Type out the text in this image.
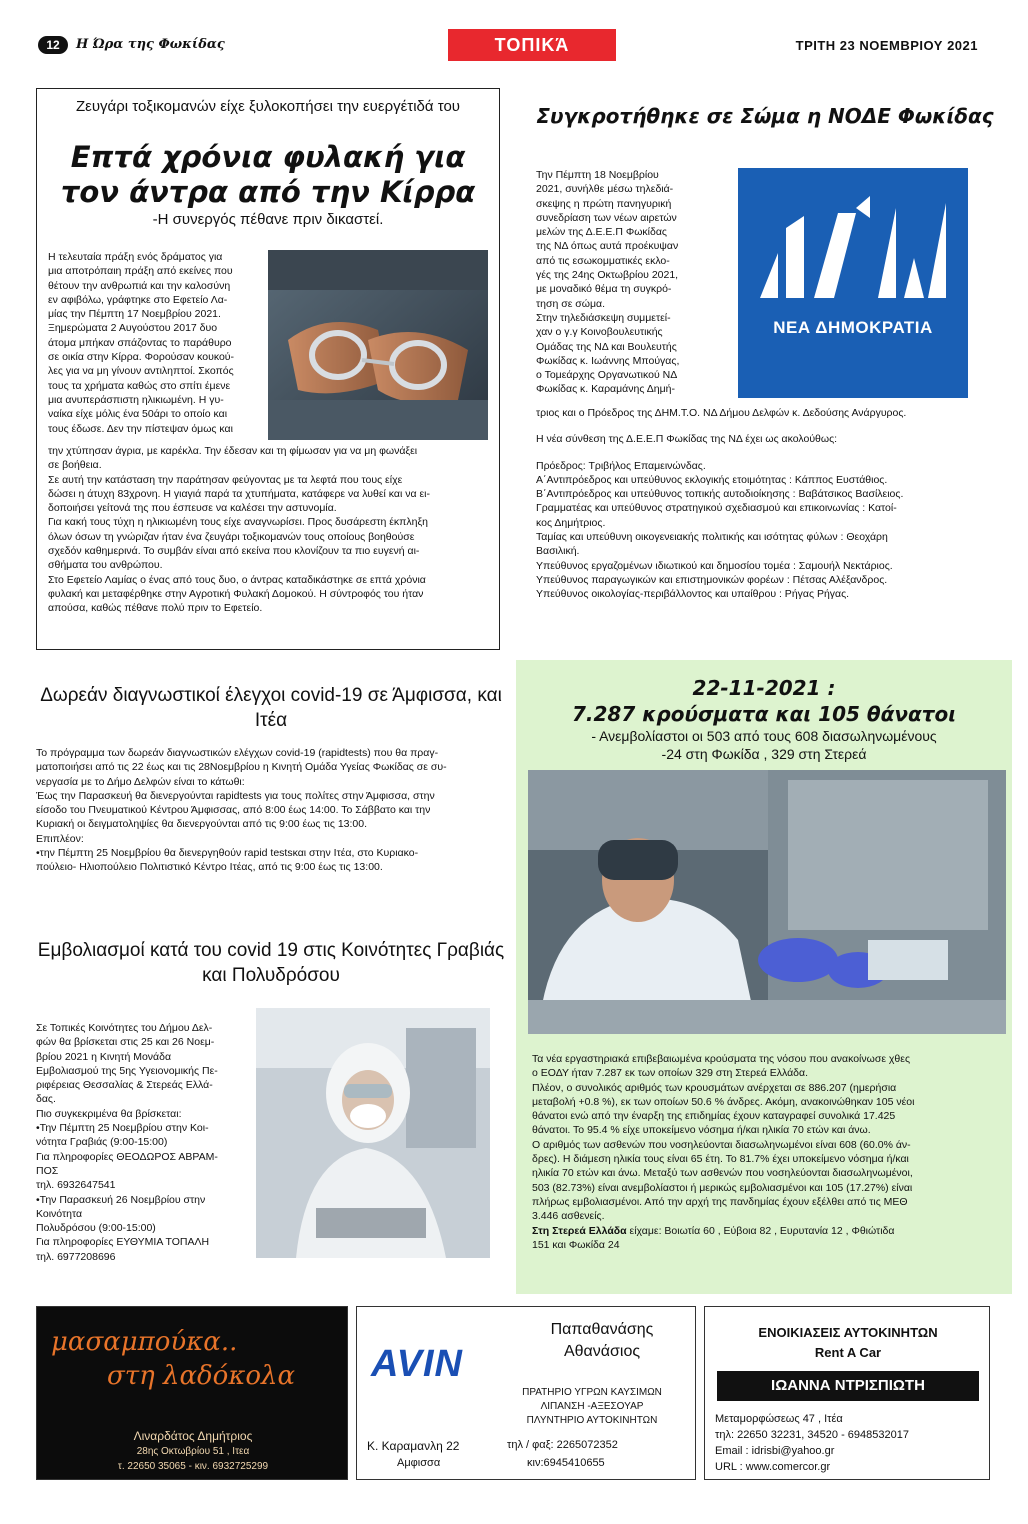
12	Η Ώρα της Φωκίδας	ΤΟΠΙΚΆ	ΤΡΙΤΗ 23 ΝΟΕΜΒΡΙΟΥ 2021
Ζευγάρι τοξικομανών είχε ξυλοκοπήσει την ευεργέτιδά του
Επτά χρόνια φυλακή για τον άντρα από την Κίρρα
-Η συνεργός πέθανε πριν δικαστεί.

Η τελευταία πράξη ενός δράματος για

μια αποτρόπαιη πράξη από εκείνες που

θέτουν την ανθρωπιά και την καλοσύνη

εν αφιβόλω, γράφτηκε στο Εφετείο Λα-

μίας την Πέμπτη 17 Νοεμβρίου 2021.

Ξημερώματα 2 Αυγούστου 2017 δυο

άτομα μπήκαν σπάζοντας το παράθυρο

σε οικία στην Κίρρα. Φορούσαν κουκού-

λες για να μη γίνουν αντιληπτοί. Σκοπός

τους τα χρήματα καθώς στο σπίτι έμενε

μια ανυπεράσπιστη ηλικιωμένη. Η γυ-

ναίκα είχε μόλις ένα 50άρι το οποίο και

τους έδωσε. Δεν την πίστεψαν όμως και

την χτύπησαν άγρια, με καρέκλα. Την έδεσαν και τη φίμωσαν για να μη φωνάξει

σε βοήθεια.

Σε αυτή την κατάσταση την παράτησαν φεύγοντας με τα λεφτά που τους είχε

δώσει η άτυχη 83χρονη. Η γιαγιά παρά τα χτυπήματα, κατάφερε να λυθεί και να ει-

δοποιήσει γείτονά της που έσπευσε να καλέσει την αστυνομία.

Για κακή τους τύχη η ηλικιωμένη τους είχε αναγνωρίσει. Προς δυσάρεστη έκπληξη

όλων όσων τη γνώριζαν ήταν ένα ζευγάρι τοξικομανών τους οποίους βοηθούσε

σχεδόν καθημερινά. Το συμβάν είναι από εκείνα που κλονίζουν τα πιο ευγενή αι-

σθήματα του ανθρώπου.

Στο Εφετείο Λαμίας ο ένας από τους δυο, ο άντρας καταδικάστηκε σε επτά χρόνια

φυλακή και μεταφέρθηκε στην Αγροτική Φυλακή Δομοκού. Η σύντροφός του ήταν

απούσα, καθώς πέθανε πολύ πριν το Εφετείο.

Συγκροτήθηκε σε Σώμα η ΝΟΔΕ Φωκίδας

Την Πέμπτη 18 Νοεμβρίου

2021, συνήλθε μέσω τηλεδιά-

σκεψης η πρώτη πανηγυρική

συνεδρίαση των νέων αιρετών

μελών της Δ.Ε.Ε.Π Φωκίδας

της ΝΔ όπως αυτά προέκυψαν

από τις εσωκομματικές εκλο-

γές της 24ης Οκτωβρίου 2021,

με μοναδικό θέμα τη συγκρό-

τηση σε σώμα.

Στην τηλεδιάσκεψη συμμετεί-

χαν ο γ.γ Κοινοβουλευτικής

Ομάδας της ΝΔ και Βουλευτής

Φωκίδας κ. Ιωάννης Μπούγας,

ο Τομεάρχης Οργανωτικού ΝΔ

Φωκίδας κ. Καραμάνης Δημή-

ΝΕΑ ΔΗΜΟΚΡΑΤΙΑ

τριος και ο Πρόεδρος της ΔΗΜ.Τ.Ο. ΝΔ Δήμου Δελφών κ. Δεδούσης Ανάργυρος.

Η νέα σύνθεση της Δ.Ε.Ε.Π Φωκίδας της ΝΔ έχει ως ακολούθως:

Πρόεδρος: Τριβήλος Επαμεινώνδας.

Α΄Αντιπρόεδρος και υπεύθυνος εκλογικής ετοιμότητας : Κάππος Ευστάθιος.

Β΄Αντιπρόεδρος και υπεύθυνος τοπικής αυτοδιοίκησης : Βαβάτσικος Βασίλειος.

Γραμματέας και υπεύθυνος στρατηγικού σχεδιασμού και επικοινωνίας : Κατοί-

κος Δημήτριος.

Ταμίας και υπεύθυνη οικογενειακής πολιτικής και ισότητας φύλων : Θεοχάρη

Βασιλική.

Υπεύθυνος εργαζομένων ιδιωτικού και δημοσίου τομέα : Σαμουήλ Νεκτάριος.

Υπεύθυνος παραγωγικών και επιστημονικών φορέων : Πέτσας Αλέξανδρος.

Υπεύθυνος οικολογίας-περιβάλλοντος και υπαίθρου : Ρήγας Ρήγας.

Δωρεάν διαγνωστικοί έλεγχοι covid-19 σε Άμφισσα, και Ιτέα

Το πρόγραμμα των δωρεάν διαγνωστικών ελέγχων covid-19 (rapidtests) που θα πραγ-

ματοποιήσει από τις 22 έως και τις 28Νοεμβρίου η Κινητή Ομάδα Υγείας Φωκίδας σε συ-

νεργασία με το Δήμο Δελφών είναι το κάτωθι:

Έως την Παρασκευή θα διενεργούνται rapidtests για τους πολίτες στην Άμφισσα, στην

είσοδο του Πνευματικού Κέντρου Άμφισσας, από 8:00 έως 14:00. Το Σάββατο και την

Κυριακή οι δειγματοληψίες θα διενεργούνται από τις 9:00 έως τις 13:00.

Επιπλέον:

•την Πέμπτη 25 Νοεμβρίου θα διενεργηθούν rapid testsκαι στην Ιτέα, στο Κυριακο-

πούλειο- Ηλιοπούλειο Πολιτιστικό Κέντρο Ιτέας, από τις 9:00 έως τις 13:00.

Εμβολιασμοί κατά του covid 19 στις Κοινότητες Γραβιάς και Πολυδρόσου

Σε Τοπικές Κοινότητες του Δήμου Δελ-

φών θα βρίσκεται στις 25 και 26 Νοεμ-

βρίου 2021 η Κινητή Μονάδα

Εμβολιασμού της 5ης Υγειονομικής Πε-

ριφέρειας Θεσσαλίας & Στερεάς Ελλά-

δας.

Πιο συγκεκριμένα θα βρίσκεται:

•Την Πέμπτη 25 Νοεμβρίου στην Κοι-

νότητα Γραβιάς (9:00-15:00)

Για πληροφορίες ΘΕΟΔΩΡΟΣ ΑΒΡΑΜ-

ΠΟΣ

τηλ. 6932647541

•Την Παρασκευή 26 Νοεμβρίου στην

Κοινότητα

Πολυδρόσου (9:00-15:00)

Για πληροφορίες ΕΥΘΥΜΙΑ ΤΟΠΑΛΗ

τηλ. 6977208696

22-11-2021 :
7.287 κρούσματα και 105 θάνατοι
- Ανεμβολίαστοι οι 503 από τους 608 διασωληνωμένους
-24 στη Φωκίδα , 329 στη Στερεά

Τα νέα εργαστηριακά επιβεβαιωμένα κρούσματα της νόσου που ανακοίνωσε χθες

ο ΕΟΔΥ ήταν 7.287 εκ των οποίων 329 στη Στερεά Ελλάδα.

Πλέον, ο συνολικός αριθμός των κρουσμάτων ανέρχεται σε 886.207 (ημερήσια

μεταβολή +0.8 %), εκ των οποίων 50.6 % άνδρες. Ακόμη, ανακοινώθηκαν 105 νέοι

θάνατοι ενώ από την έναρξη της επιδημίας έχουν καταγραφεί συνολικά 17.425

θάνατοι. Το 95.4 % είχε υποκείμενο νόσημα ή/και ηλικία 70 ετών και άνω.

Ο αριθμός των ασθενών που νοσηλεύονται διασωληνωμένοι είναι 608 (60.0% άν-

δρες). Η διάμεση ηλικία τους είναι 65 έτη. Το 81.7% έχει υποκείμενο νόσημα ή/και

ηλικία 70 ετών και άνω. Μεταξύ των ασθενών που νοσηλεύονται διασωληνωμένοι,

503 (82.73%) είναι ανεμβολίαστοι ή μερικώς εμβολιασμένοι και 105 (17.27%) είναι

πλήρως εμβολιασμένοι. Από την αρχή της πανδημίας έχουν εξέλθει από τις ΜΕΘ

3.446 ασθενείς.

Στη Στερεά Ελλάδα είχαμε: Βοιωτία 60 , Εύβοια 82 , Ευρυτανία 12 , Φθιώτιδα

151 και Φωκίδα 24

μασαμπούκα..
στη λαδόκολα
Λιναρδάτος Δημήτριος
28ης Οκτωβρίου 51 , Ιτεα
τ. 22650 35065 - κιν. 6932725299
AVIN
Παπαθανάσης
Αθανάσιος
ΠΡΑΤΗΡΙΟ ΥΓΡΩΝ ΚΑΥΣΙΜΩΝ
ΛΙΠΑΝΣΗ -ΑΞΕΣΟΥΑΡ
ΠΛΥΝΤΗΡΙΟ ΑΥΤΟΚΙΝΗΤΩΝ
Κ. Καραμανλη 22
Αμφισσα
τηλ / φαξ: 2265072352
κιν:6945410655
ΕΝΟΙΚΙΑΣΕΙΣ ΑΥΤΟΚΙΝΗΤΩΝ
Rent A Car
ΙΩΑΝΝΑ ΝΤΡΙΣΠΙΩΤΗ
Μεταμορφώσεως 47 , Ιτέα
τηλ: 22650 32231, 34520 - 6948532017
Email : idrisbi@yahoo.gr
URL : www.comercor.gr
